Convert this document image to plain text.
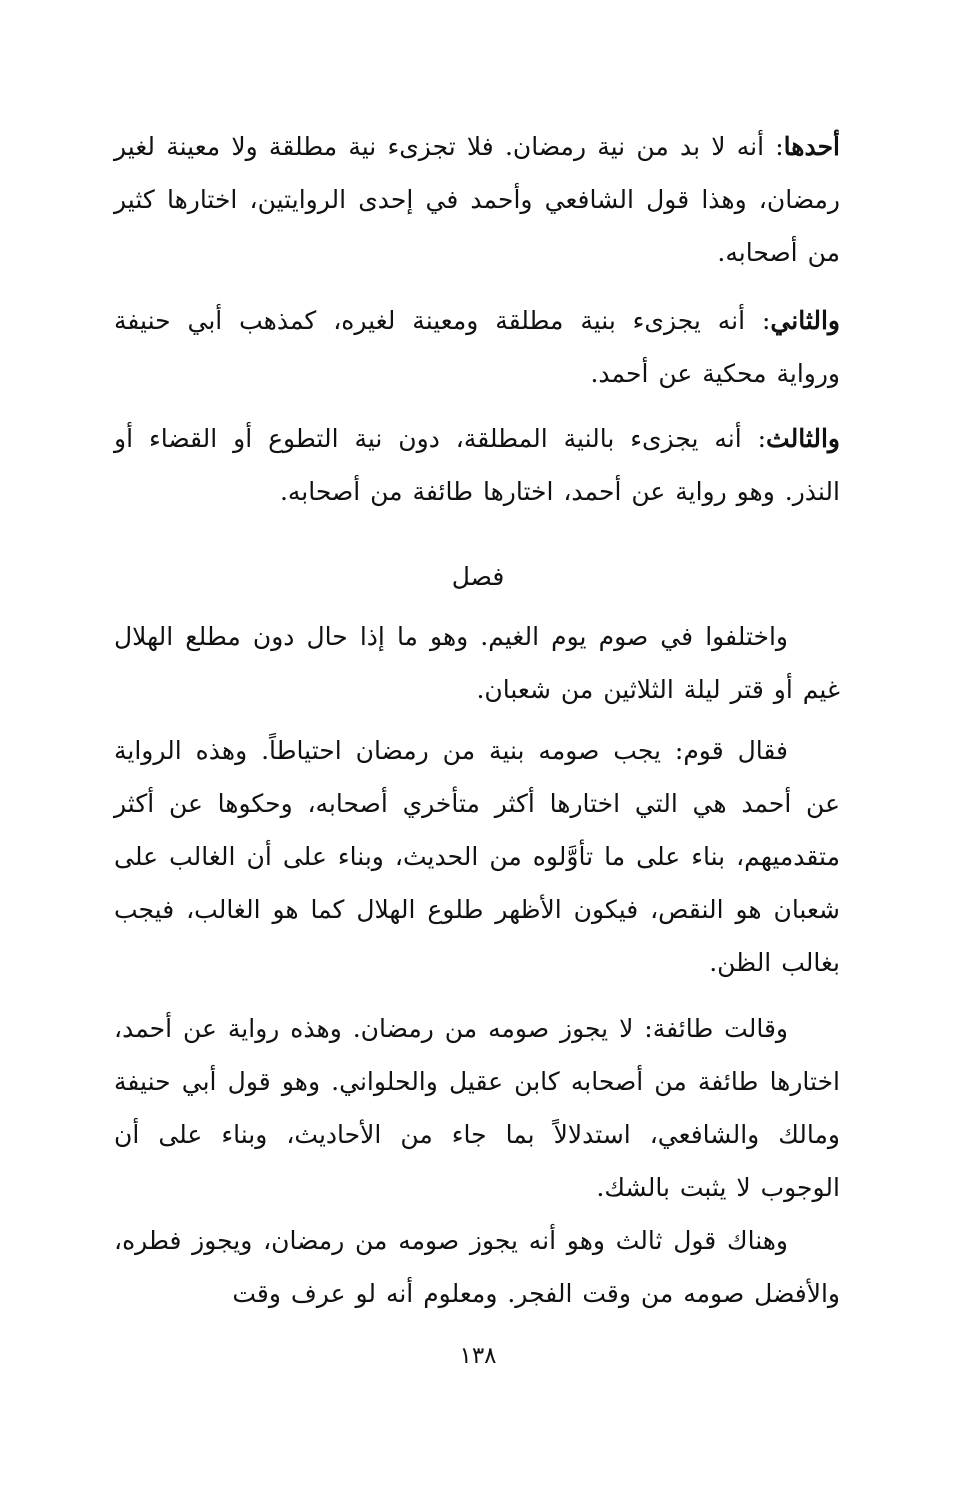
أحدها: أنه لا بد من نية رمضان. فلا تجزىء نية مطلقة ولا معينة لغير رمضان، وهذا قول الشافعي وأحمد في إحدى الروايتين، اختارها كثير من أصحابه.

والثاني: أنه يجزىء بنية مطلقة ومعينة لغيره، كمذهب أبي حنيفة ورواية محكية عن أحمد.

والثالث: أنه يجزىء بالنية المطلقة، دون نية التطوع أو القضاء أو النذر. وهو رواية عن أحمد، اختارها طائفة من أصحابه.

فصل

واختلفوا في صوم يوم الغيم. وهو ما إذا حال دون مطلع الهلال غيم أو قتر ليلة الثلاثين من شعبان.

فقال قوم: يجب صومه بنية من رمضان احتياطاً. وهذه الرواية عن أحمد هي التي اختارها أكثر متأخري أصحابه، وحكوها عن أكثر متقدميهم، بناء على ما تأوَّلوه من الحديث، وبناء على أن الغالب على شعبان هو النقص، فيكون الأظهر طلوع الهلال كما هو الغالب، فيجب بغالب الظن.

وقالت طائفة: لا يجوز صومه من رمضان. وهذه رواية عن أحمد، اختارها طائفة من أصحابه كابن عقيل والحلواني. وهو قول أبي حنيفة ومالك والشافعي، استدلالاً بما جاء من الأحاديث، وبناء على أن الوجوب لا يثبت بالشك.

وهناك قول ثالث وهو أنه يجوز صومه من رمضان، ويجوز فطره، والأفضل صومه من وقت الفجر. ومعلوم أنه لو عرف وقت

١٣٨
